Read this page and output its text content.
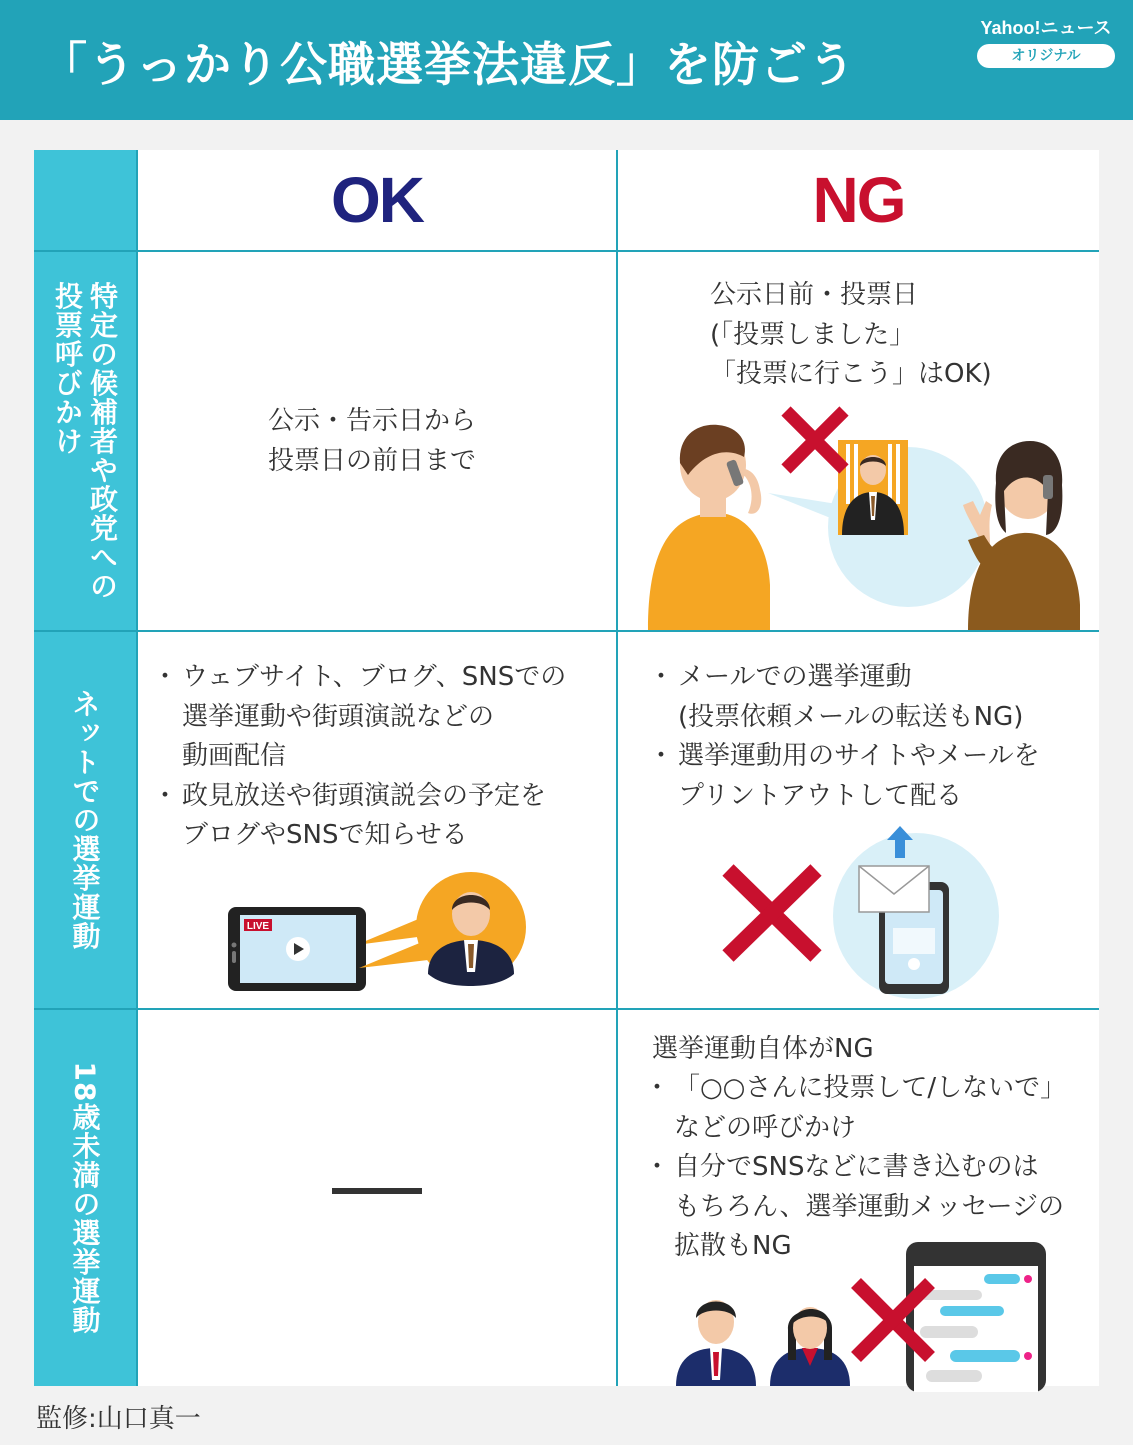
「うっかり公職選挙法違反」を防ごう
Yahoo!ニュース
オリジナル
特定の候補者や政党への
投票呼びかけ
ネットでの選挙運動
18歳未満の選挙運動
OK	NG
公示・告示日から
投票日の前日まで
公示日前・投票日
(「投票しました」
「投票に行こう」はOK)
・ ウェブサイト、ブログ、SNSでの
選挙運動や街頭演説などの
動画配信
・ 政見放送や街頭演説会の予定を
ブログやSNSで知らせる
・ メールでの選挙運動
(投票依頼メールの転送もNG)
・ 選挙運動用のサイトやメールを
プリントアウトして配る
選挙運動自体がNG
・ 「○○さんに投票して/しないで」
などの呼びかけ
・ 自分でSNSなどに書き込むのは
もちろん、選挙運動メッセージの
拡散もNG
LIVE
監修:山口真一
